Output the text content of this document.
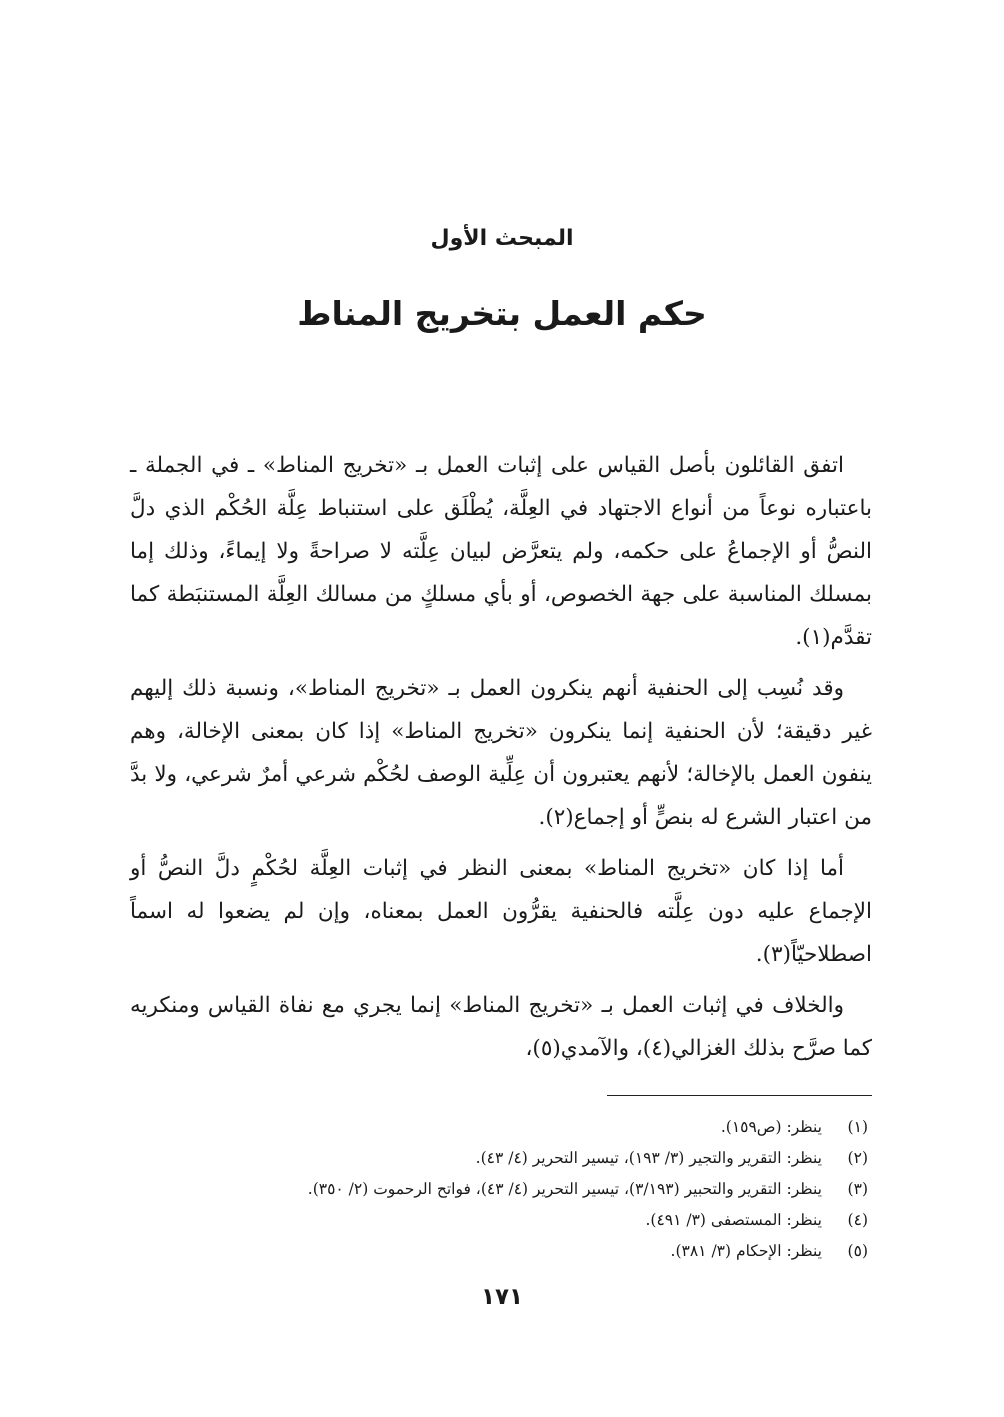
المبحث الأول
حكم العمل بتخريج المناط

اتفق القائلون بأصل القياس على إثبات العمل بـ «تخريج المناط» ـ في الجملة ـ باعتباره نوعاً من أنواع الاجتهاد في العِلَّة، يُطْلَق على استنباط عِلَّة الحُكْم الذي دلَّ النصُّ أو الإجماعُ على حكمه، ولم يتعرَّض لبيان عِلَّته لا صراحةً ولا إيماءً، وذلك إما بمسلك المناسبة على جهة الخصوص، أو بأي مسلكٍ من مسالك العِلَّة المستنبَطة كما تقدَّم(١).

وقد نُسِب إلى الحنفية أنهم ينكرون العمل بـ «تخريج المناط»، ونسبة ذلك إليهم غير دقيقة؛ لأن الحنفية إنما ينكرون «تخريج المناط» إذا كان بمعنى الإخالة، وهم ينفون العمل بالإخالة؛ لأنهم يعتبرون أن عِلِّية الوصف لحُكْم شرعي أمرٌ شرعي، ولا بدَّ من اعتبار الشرع له بنصٍّ أو إجماع(٢).

أما إذا كان «تخريج المناط» بمعنى النظر في إثبات العِلَّة لحُكْمٍ دلَّ النصُّ أو الإجماع عليه دون عِلَّته فالحنفية يقرُّون العمل بمعناه، وإن لم يضعوا له اسماً اصطلاحيّاً(٣).

والخلاف في إثبات العمل بـ «تخريج المناط» إنما يجري مع نفاة القياس ومنكريه كما صرَّح بذلك الغزالي(٤)، والآمدي(٥)،

(١)
ينظر: (ص١٥٩).
(٢)
ينظر: التقرير والتجير (٣/ ١٩٣)، تيسير التحرير (٤/ ٤٣).
(٣)
ينظر: التقرير والتحبير (٣/١٩٣)، تيسير التحرير (٤/ ٤٣)، فواتح الرحموت (٢/ ٣٥٠).
(٤)
ينظر: المستصفى (٣/ ٤٩١).
(٥)
ينظر: الإحكام (٣/ ٣٨١).
١٧١
